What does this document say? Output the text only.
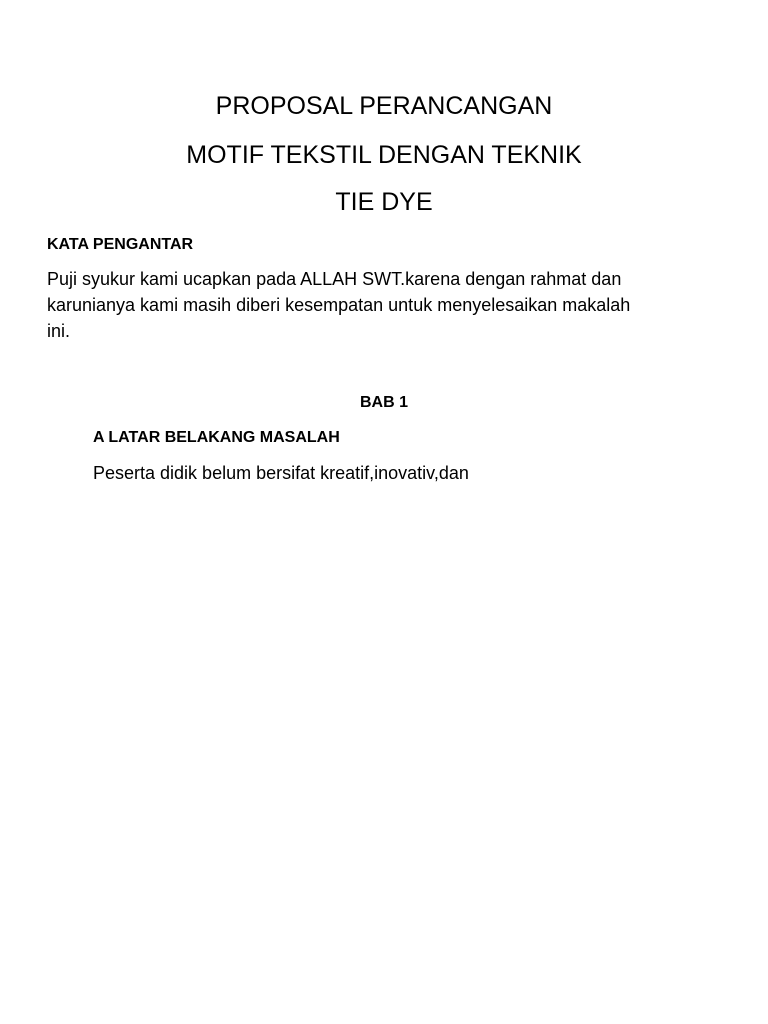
PROPOSAL PERANCANGAN
MOTIF TEKSTIL DENGAN TEKNIK
TIE DYE
KATA PENGANTAR
Puji syukur kami ucapkan pada ALLAH SWT.karena dengan rahmat dan
karunianya kami masih diberi kesempatan untuk menyelesaikan makalah
ini.
BAB 1
A LATAR BELAKANG MASALAH
Peserta didik belum bersifat kreatif,inovativ,dan
